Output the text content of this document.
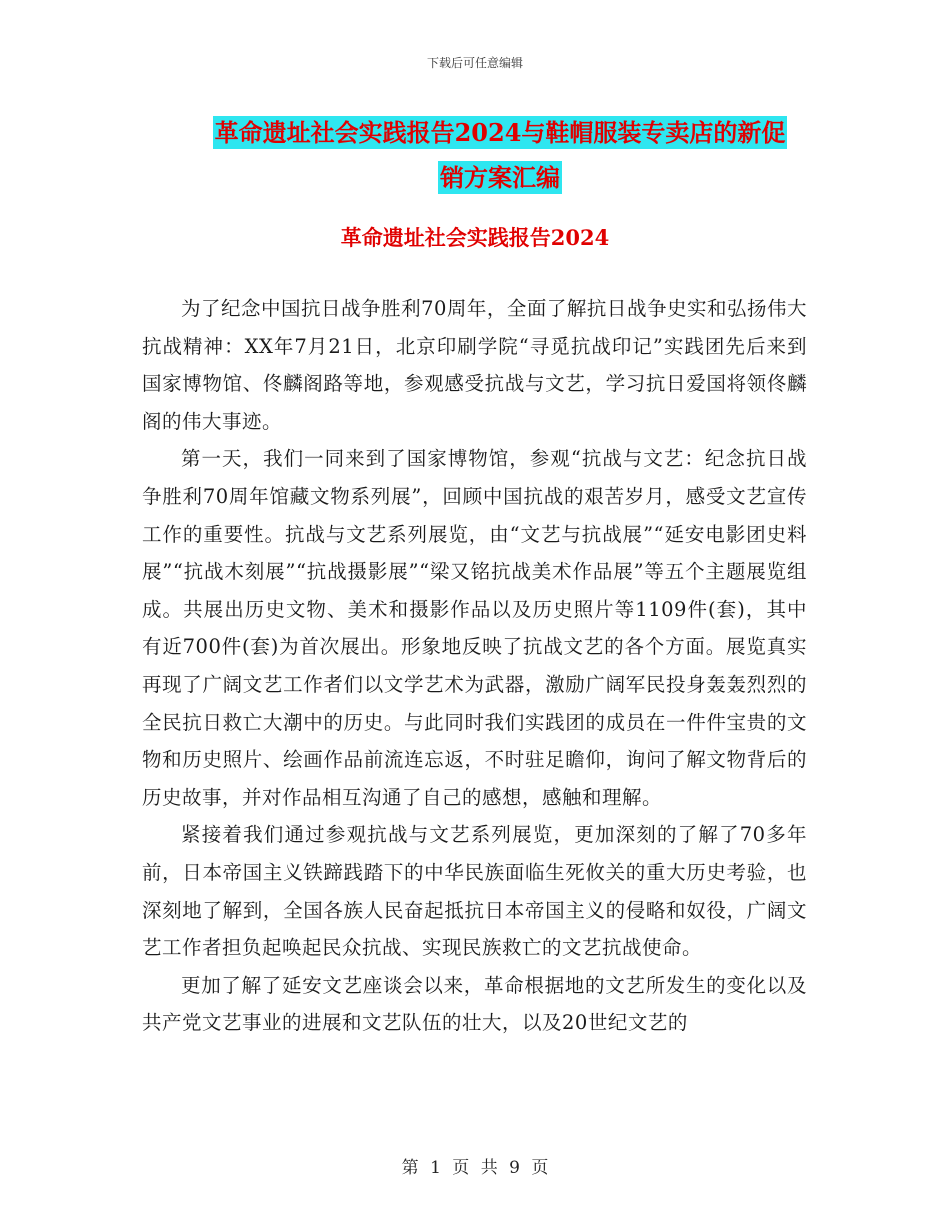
下载后可任意编辑
革命遗址社会实践报告2024与鞋帽服装专卖店的新促
销方案汇编
革命遗址社会实践报告2024

为了纪念中国抗日战争胜利70周年，全面了解抗日战争史实和弘扬伟大抗战精神：XX年7月21日，北京印刷学院“寻觅抗战印记”实践团先后来到国家博物馆、佟麟阁路等地，参观感受抗战与文艺，学习抗日爱国将领佟麟阁的伟大事迹。

第一天，我们一同来到了国家博物馆，参观“抗战与文艺：纪念抗日战争胜利70周年馆藏文物系列展”，回顾中国抗战的艰苦岁月，感受文艺宣传工作的重要性。抗战与文艺系列展览，由“文艺与抗战展”“延安电影团史料展”“抗战木刻展”“抗战摄影展”“梁又铭抗战美术作品展”等五个主题展览组成。共展出历史文物、美术和摄影作品以及历史照片等1109件(套)，其中有近700件(套)为首次展出。形象地反映了抗战文艺的各个方面。展览真实再现了广阔文艺工作者们以文学艺术为武器，激励广阔军民投身轰轰烈烈的全民抗日救亡大潮中的历史。与此同时我们实践团的成员在一件件宝贵的文物和历史照片、绘画作品前流连忘返，不时驻足瞻仰，询问了解文物背后的历史故事，并对作品相互沟通了自己的感想，感触和理解。

紧接着我们通过参观抗战与文艺系列展览，更加深刻的了解了70多年前，日本帝国主义铁蹄践踏下的中华民族面临生死攸关的重大历史考验，也深刻地了解到，全国各族人民奋起抵抗日本帝国主义的侵略和奴役，广阔文艺工作者担负起唤起民众抗战、实现民族救亡的文艺抗战使命。

更加了解了延安文艺座谈会以来，革命根据地的文艺所发生的变化以及共产党文艺事业的进展和文艺队伍的壮大，以及20世纪文艺的

第 1 页 共 9 页
